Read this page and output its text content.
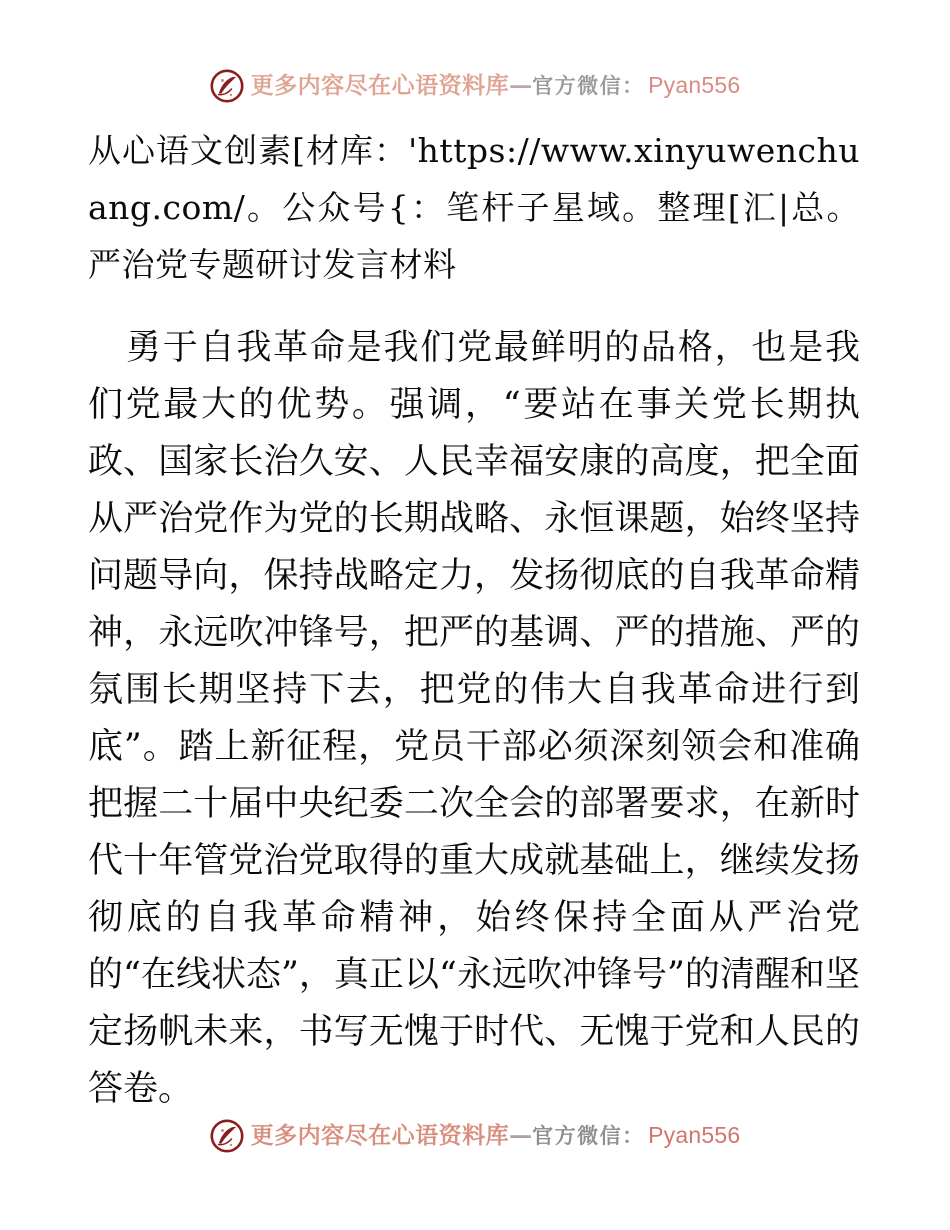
更多内容尽在心语资料库 — 官方微信 ： Pyan556

从心语文创素[材库：'https://www.xinyuwenchuang.com/。公众号{：笔杆子星域。整理[汇|总。严治党专题研讨发言材料

勇于自我革命是我们党最鲜明的品格，也是我们党最大的优势。强调，“要站在事关党长期执政、国家长治久安、人民幸福安康的高度，把全面从严治党作为党的长期战略、永恒课题，始终坚持问题导向，保持战略定力，发扬彻底的自我革命精神，永远吹冲锋号，把严的基调、严的措施、严的氛围长期坚持下去，把党的伟大自我革命进行到底”。踏上新征程，党员干部必须深刻领会和准确把握二十届中央纪委二次全会的部署要求，在新时代十年管党治党取得的重大成就基础上，继续发扬彻底的自我革命精神，始终保持全面从严治党的“在线状态”，真正以“永远吹冲锋号”的清醒和坚定扬帆未来，书写无愧于时代、无愧于党和人民的答卷。

更多内容尽在心语资料库 — 官方微信 ： Pyan556
